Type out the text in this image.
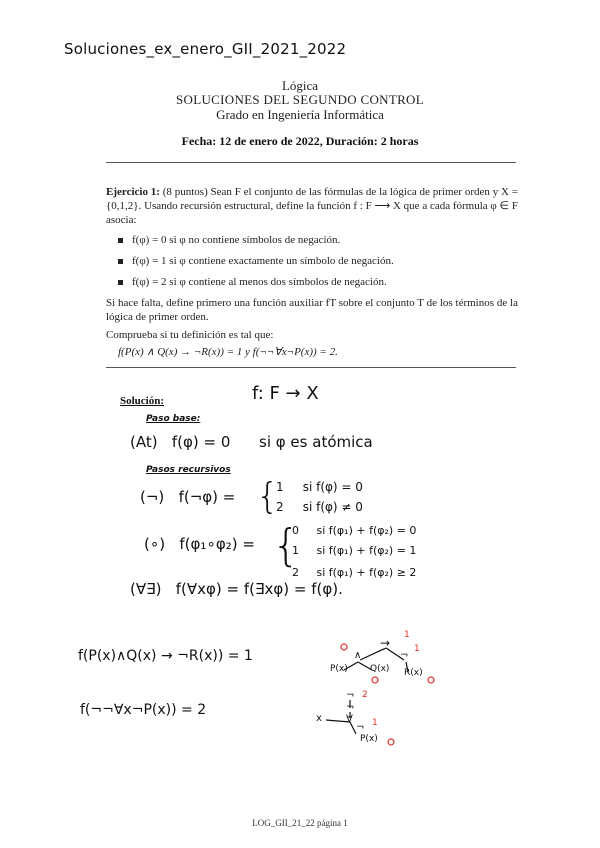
Soluciones_ex_enero_GII_2021_2022
Lógica
SOLUCIONES DEL SEGUNDO CONTROL
Grado en Ingeniería Informática
Fecha: 12 de enero de 2022, Duración: 2 horas
Ejercicio 1: (8 puntos) Sean F el conjunto de las fórmulas de la lógica de primer orden y X = {0,1,2}. Usando recursión estructural, define la función f : F ⟶ X que a cada fórmula φ ∈ F asocia:
f(φ) = 0 si φ no contiene símbolos de negación.
f(φ) = 1 si φ contiene exactamente un símbolo de negación.
f(φ) = 2 si φ contiene al menos dos símbolos de negación.
Si hace falta, define primero una función auxiliar fT sobre el conjunto T de los términos de la lógica de primer orden.
Comprueba si tu definición es tal que:
f(P(x) ∧ Q(x) → ¬R(x)) = 1 y f(¬¬∀x¬P(x)) = 2.
Solución:	f: F → X
Paso base:
(At)   f(φ) = 0      si φ es atómica
Pasos recursivos
(¬)   f(¬φ) = {
1     si f(φ) = 0
2     si f(φ) ≠ 0
(∘)   f(φ₁∘φ₂) = {
0     si f(φ₁) + f(φ₂) = 0
1     si f(φ₁) + f(φ₂) = 1
2     si f(φ₁) + f(φ₂) ≥ 2
(∀∃)   f(∀xφ) = f(∃xφ) = f(φ).
f(P(x)∧Q(x) → ¬R(x)) = 1
f(¬¬∀x¬P(x)) = 2
→
∧	¬
P(x) Q(x) R(x)
1
1
¬
¬
∀
x
¬
P(x)
2
1
LOG_GII_21_22 página 1
